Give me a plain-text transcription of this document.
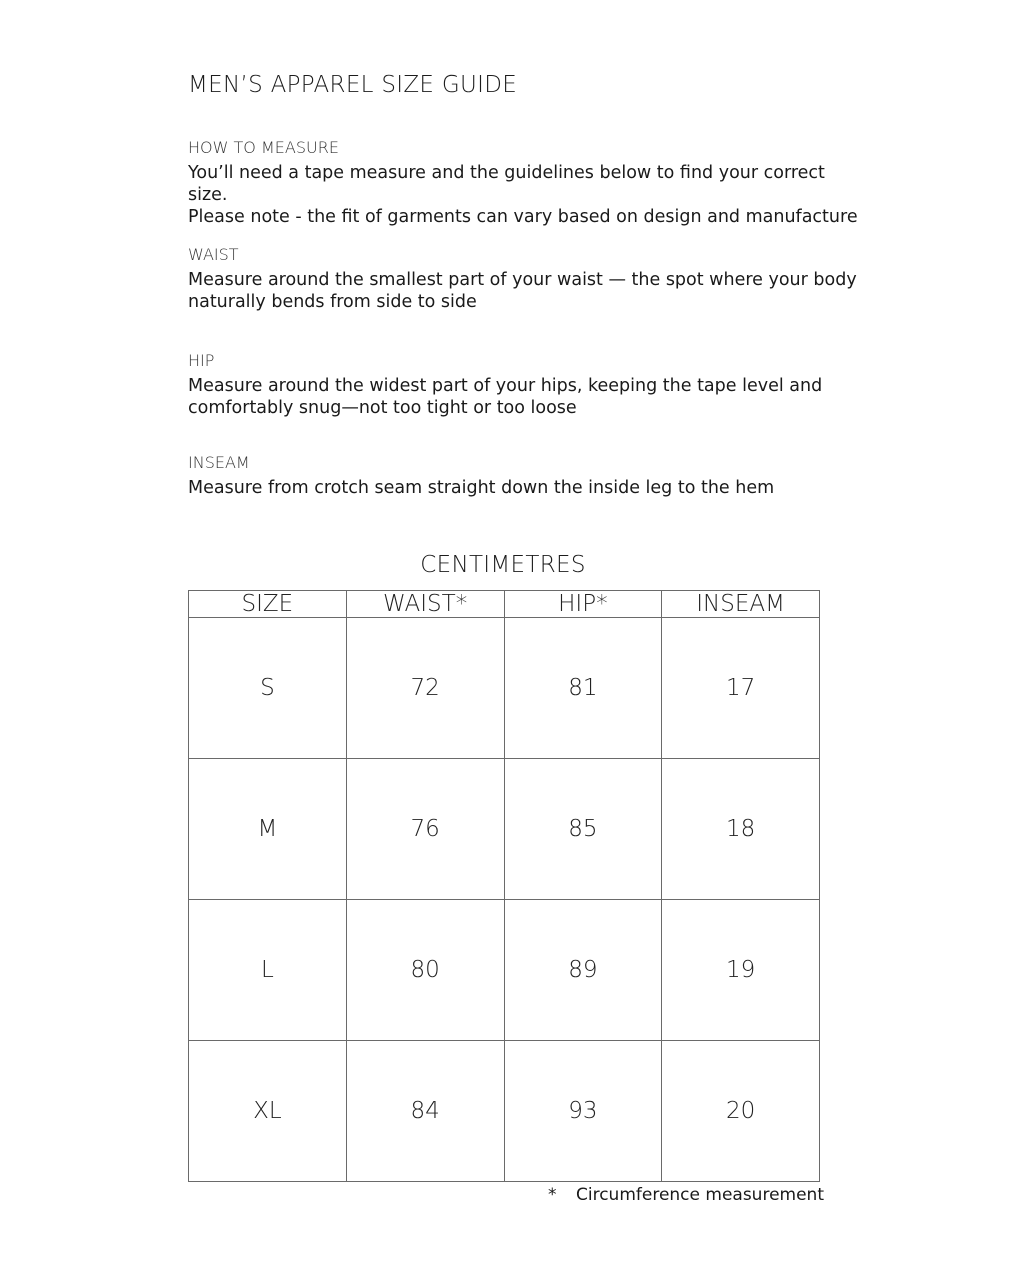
MEN’S APPAREL SIZE GUIDE

HOW TO MEASURE

You’ll need a tape measure and the guidelines below to find your correct size.

Please note - the fit of garments can vary based on design and manufacture

WAIST

Measure around the smallest part of your waist — the spot where your body

naturally bends from side to side

HIP

Measure around the widest part of your hips, keeping the tape level and

comfortably snug—not too tight or too loose

INSEAM

Measure from crotch seam straight down the inside leg to the hem

CENTIMETRES
SIZE	WAIST*	HIP*	INSEAM
S	72	81	17
M	76	85	18
L	80	89	19
XL	84	93	20
* Circumference measurement
